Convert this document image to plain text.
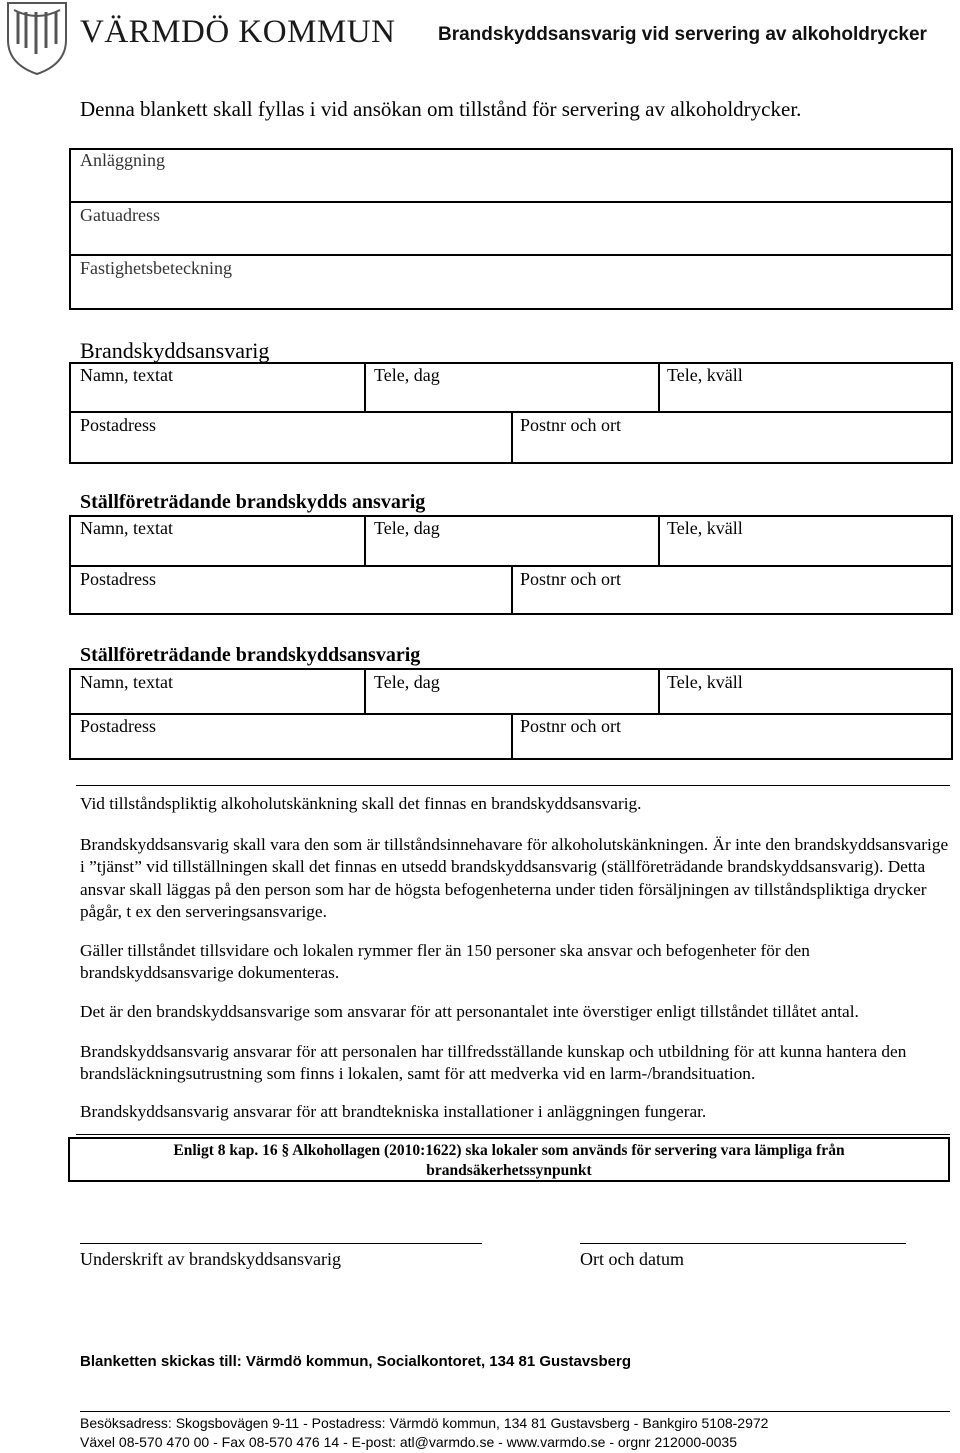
VÄRMDÖ KOMMUN Brandskyddsansvarig vid servering av alkoholdrycker
Denna blankett skall fyllas i vid ansökan om tillstånd för servering av alkoholdrycker.
Anläggning
Gatuadress
Fastighetsbeteckning
Brandskyddsansvarig
Namn, textat	Tele, dag	Tele, kväll
Postadress	Postnr och ort
Ställföreträdande brandskydds ansvarig
Namn, textat	Tele, dag	Tele, kväll
Postadress	Postnr och ort
Ställföreträdande brandskyddsansvarig
Namn, textat	Tele, dag	Tele, kväll
Postadress	Postnr och ort
Vid tillståndspliktig alkoholutskänkning skall det finnas en brandskyddsansvarig.
Brandskyddsansvarig skall vara den som är tillståndsinnehavare för alkoholutskänkningen. Är inte den brandskyddsansvarige i ”tjänst” vid tillställningen skall det finnas en utsedd brandskyddsansvarig (ställföreträdande brandskyddsansvarig). Detta ansvar skall läggas på den person som har de högsta befogenheterna under tiden försäljningen av tillståndspliktiga drycker pågår, t ex den serveringsansvarige.
Gäller tillståndet tillsvidare och lokalen rymmer fler än 150 personer ska ansvar och befogenheter för den brandskyddsansvarige dokumenteras.
Det är den brandskyddsansvarige som ansvarar för att personantalet inte överstiger enligt tillståndet tillåtet antal.
Brandskyddsansvarig ansvarar för att personalen har tillfredsställande kunskap och utbildning för att kunna hantera den brandsläckningsutrustning som finns i lokalen, samt för att medverka vid en larm-/brandsituation.
Brandskyddsansvarig ansvarar för att brandtekniska installationer i anläggningen fungerar.
Enligt 8 kap. 16 § Alkohollagen (2010:1622) ska lokaler som används för servering vara lämpliga från
brandsäkerhetssynpunkt
Underskrift av brandskyddsansvarig	Ort och datum
Blanketten skickas till: Värmdö kommun, Socialkontoret, 134 81 Gustavsberg
Besöksadress: Skogsbovägen 9-11 - Postadress: Värmdö kommun, 134 81 Gustavsberg - Bankgiro 5108-2972
Växel 08-570 470 00 - Fax 08-570 476 14 - E-post: atl@varmdo.se - www.varmdo.se - orgnr 212000-0035
